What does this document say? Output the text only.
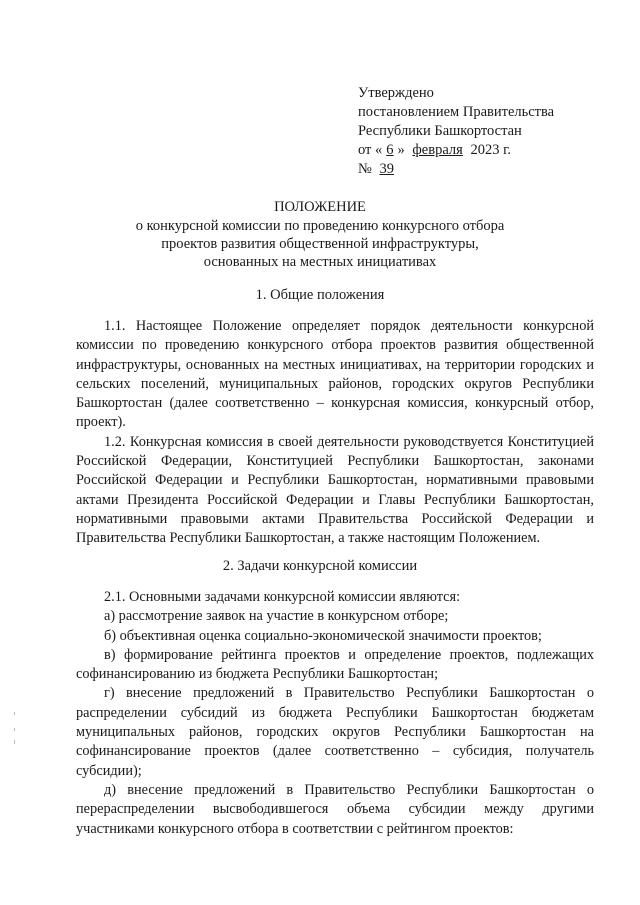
Утверждено
постановлением Правительства
Республики Башкортостан
от « 6 » февраля 2023 г.
№ 39
ПОЛОЖЕНИЕ
о конкурсной комиссии по проведению конкурсного отбора
проектов развития общественной инфраструктуры,
основанных на местных инициативах
1. Общие положения
1.1. Настоящее Положение определяет порядок деятельности конкурсной комиссии по проведению конкурсного отбора проектов развития общественной инфраструктуры, основанных на местных инициативах, на территории городских и сельских поселений, муниципальных районов, городских округов Республики Башкортостан (далее соответственно – конкурсная комиссия, конкурсный отбор, проект).
1.2. Конкурсная комиссия в своей деятельности руководствуется Конституцией Российской Федерации, Конституцией Республики Башкортостан, законами Российской Федерации и Республики Башкортостан, нормативными правовыми актами Президента Российской Федерации и Главы Республики Башкортостан, нормативными правовыми актами Правительства Российской Федерации и Правительства Республики Башкортостан, а также настоящим Положением.
2. Задачи конкурсной комиссии
2.1. Основными задачами конкурсной комиссии являются:
а) рассмотрение заявок на участие в конкурсном отборе;
б) объективная оценка социально-экономической значимости проектов;
в) формирование рейтинга проектов и определение проектов, подлежащих софинансированию из бюджета Республики Башкортостан;
г) внесение предложений в Правительство Республики Башкортостан о распределении субсидий из бюджета Республики Башкортостан бюджетам муниципальных районов, городских округов Республики Башкортостан на софинансирование проектов (далее соответственно – субсидия, получатель субсидии);
д) внесение предложений в Правительство Республики Башкортостан о перераспределении высвободившегося объема субсидии между другими участниками конкурсного отбора в соответствии с рейтингом проектов:
